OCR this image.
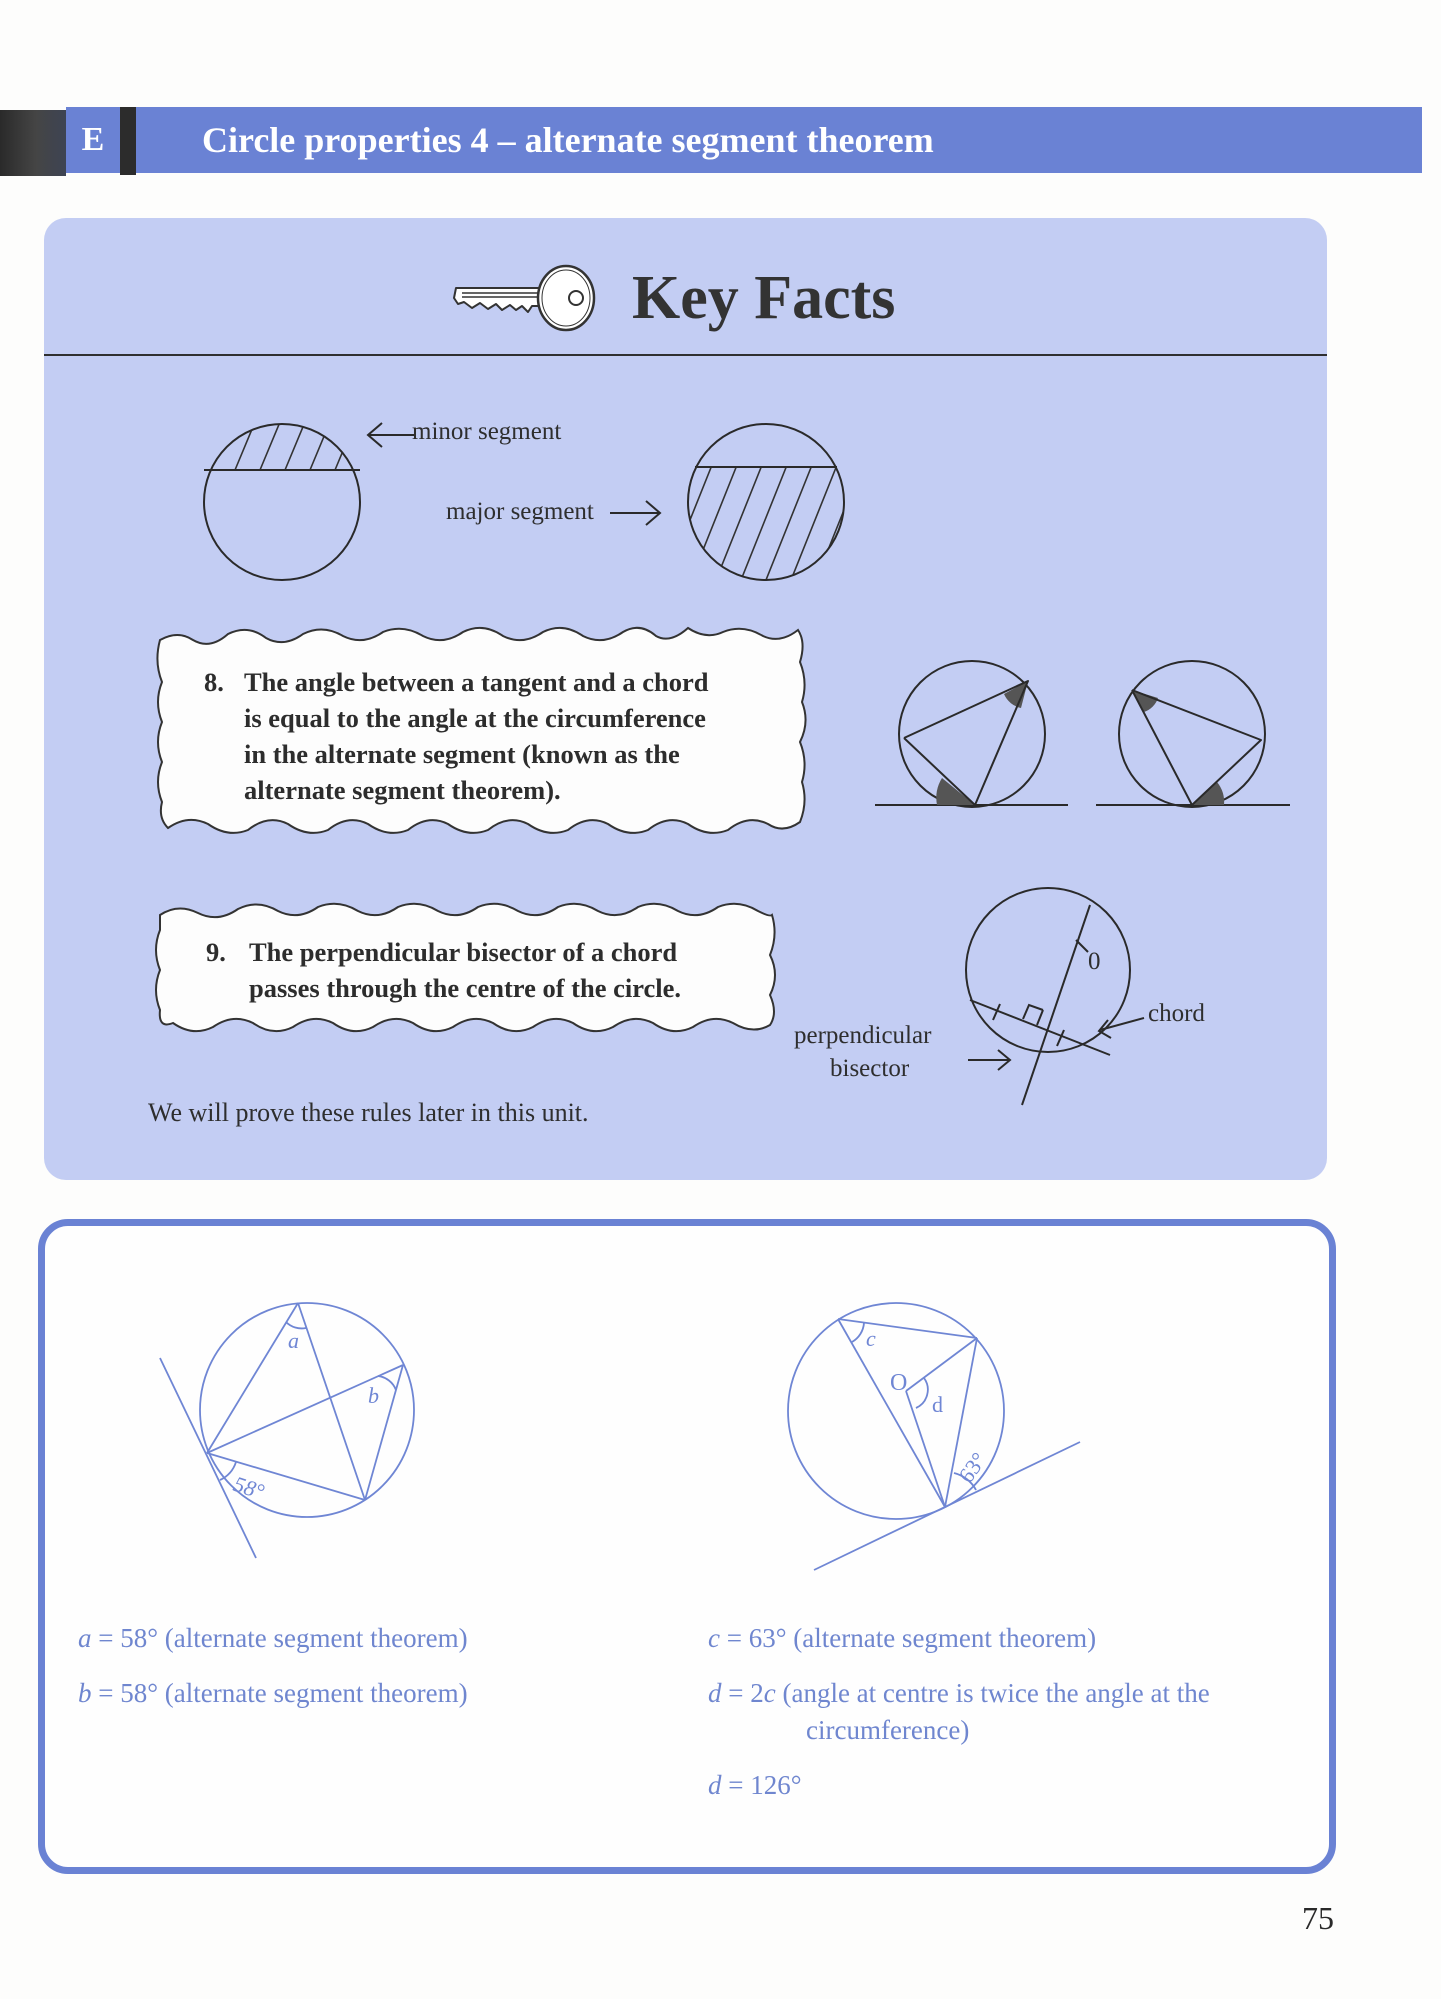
E	Circle properties 4 – alternate segment theorem
Key Facts
minor segment
major segment
8. The angle between a tangent and a chord
is equal to the angle at the circumference
in the alternate segment (known as the
alternate segment theorem).
9. The perpendicular bisector of a chord
passes through the centre of the circle.
0
chord
perpendicular
bisector
We will prove these rules later in this unit.
a
b
58°
c
O
d
63°
a = 58° (alternate segment theorem)
b = 58° (alternate segment theorem)
c = 63° (alternate segment theorem)
d = 2c (angle at centre is twice the angle at the
circumference)
d = 126°
75
